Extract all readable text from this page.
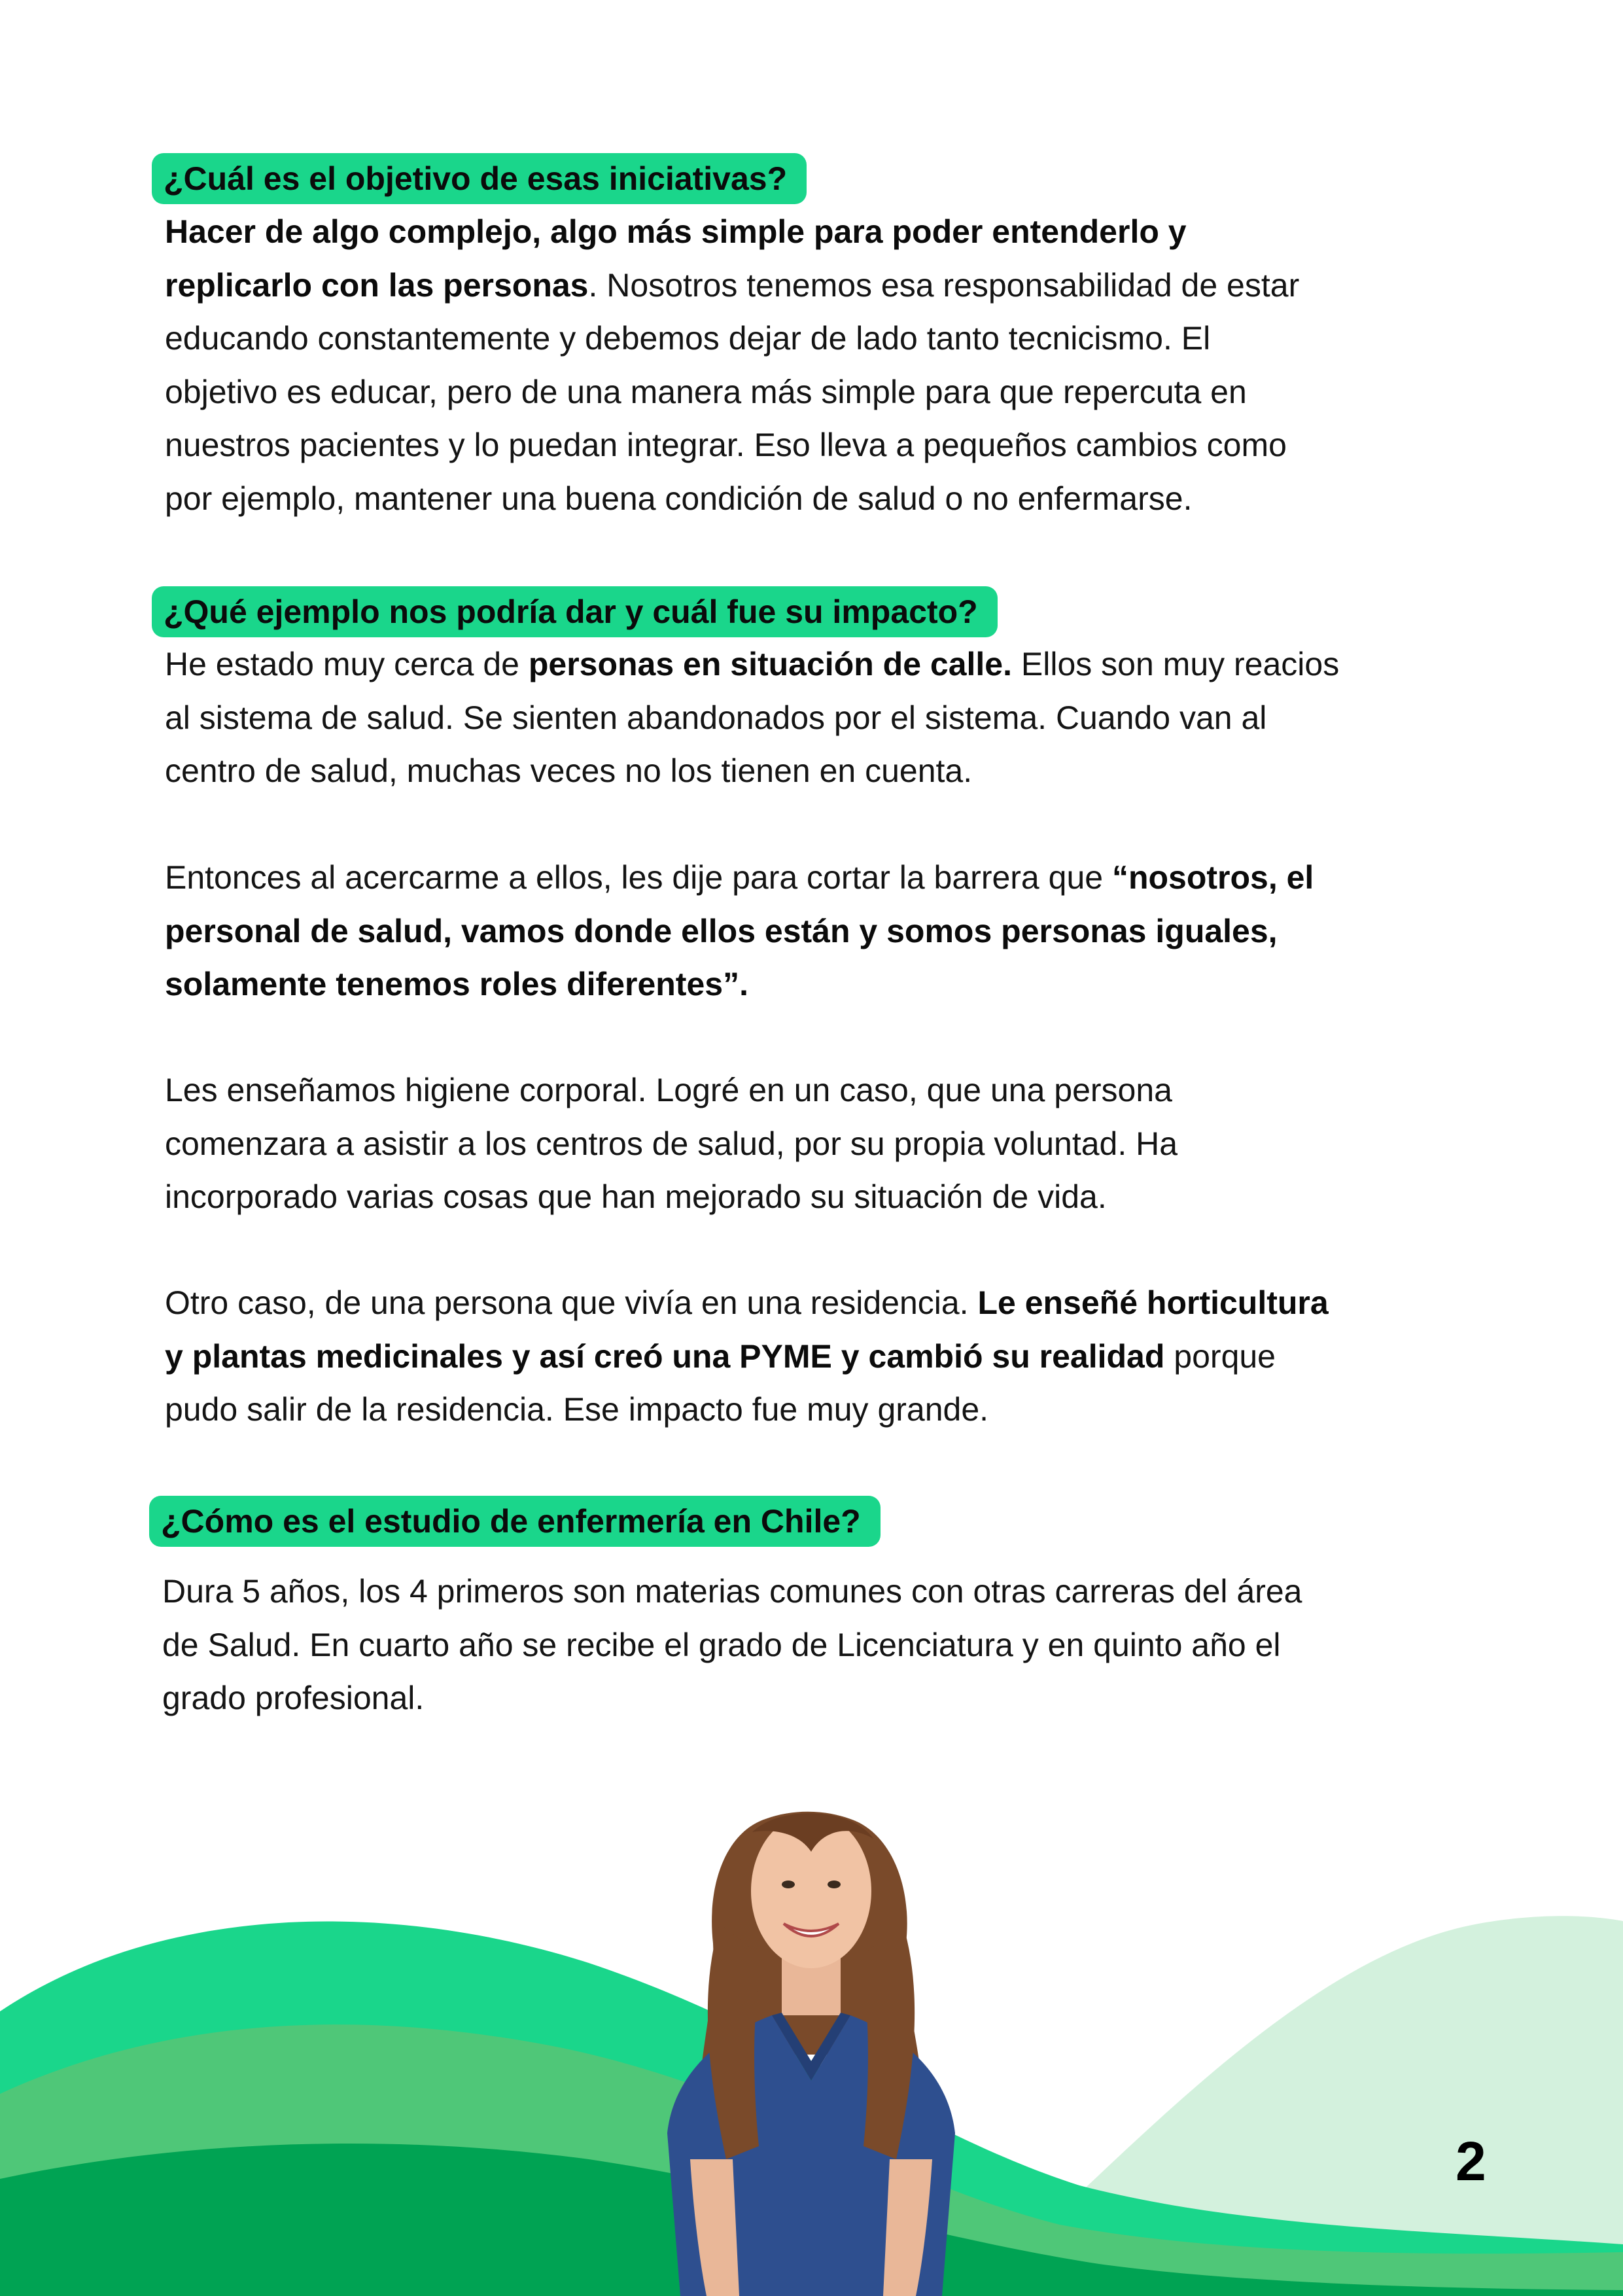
¿Cuál es el objetivo de esas iniciativas?
Hacer de algo complejo, algo más simple para poder entenderlo y
replicarlo con las personas. Nosotros tenemos esa responsabilidad de estar
educando constantemente y debemos dejar de lado tanto tecnicismo. El
objetivo es educar, pero de una manera más simple para que repercuta en
nuestros pacientes y lo puedan integrar. Eso lleva a pequeños cambios como
por ejemplo, mantener una buena condición de salud o no enfermarse.
¿Qué ejemplo nos podría dar y cuál fue su impacto?
He estado muy cerca de personas en situación de calle. Ellos son muy reacios
al sistema de salud. Se sienten abandonados por el sistema. Cuando van al
centro de salud, muchas veces no los tienen en cuenta.
Entonces al acercarme a ellos, les dije para cortar la barrera que “nosotros, el
personal de salud, vamos donde ellos están y somos personas iguales,
solamente tenemos roles diferentes”.
Les enseñamos higiene corporal. Logré en un caso, que una persona
comenzara a asistir a los centros de salud, por su propia voluntad. Ha
incorporado varias cosas que han mejorado su situación de vida.
Otro caso, de una persona que vivía en una residencia. Le enseñé horticultura
y plantas medicinales y así creó una PYME y cambió su realidad porque
pudo salir de la residencia. Ese impacto fue muy grande.
¿Cómo es el estudio de enfermería en Chile?
Dura 5 años, los 4 primeros son materias comunes con otras carreras del área
de Salud. En cuarto año se recibe el grado de Licenciatura y en quinto año el
grado profesional.
2
